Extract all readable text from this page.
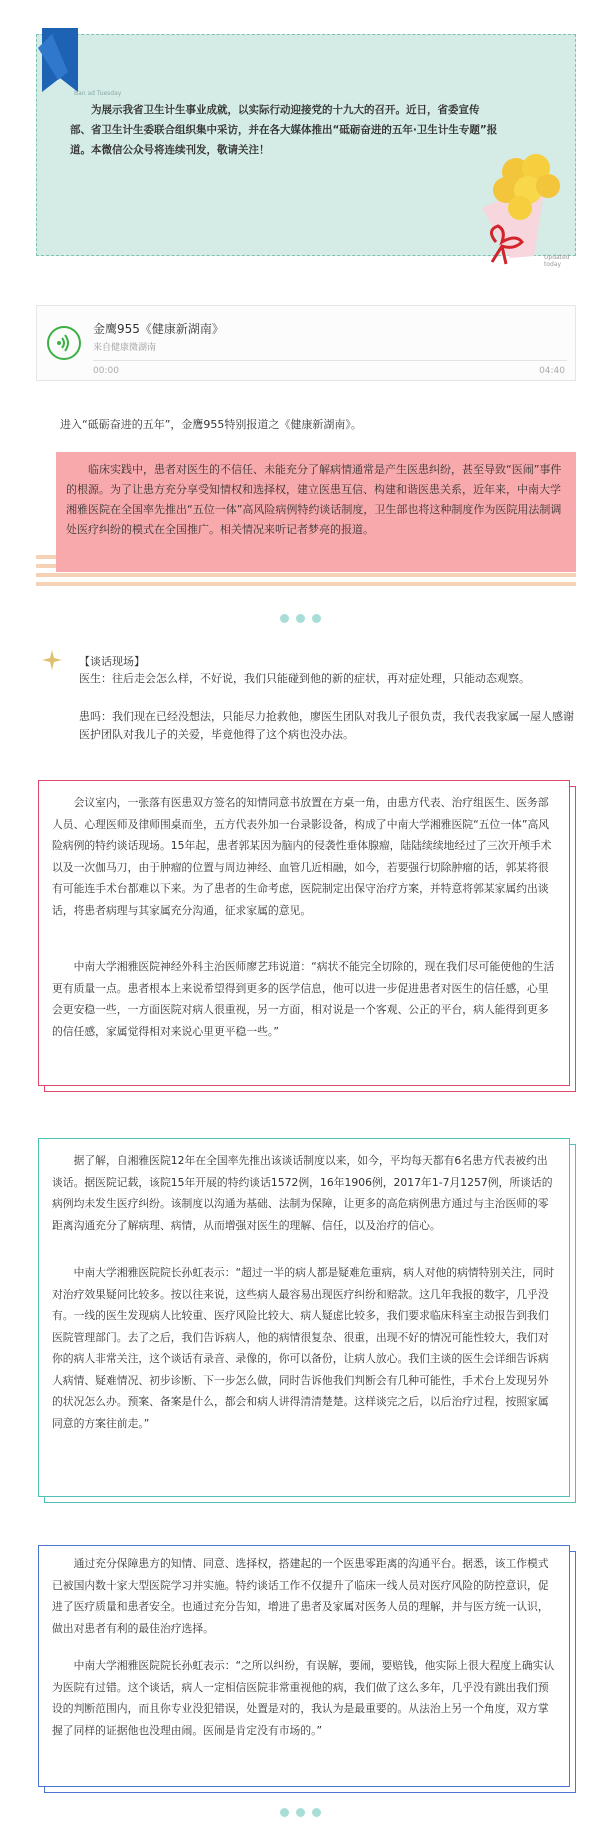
Ban ad Tuesday

为展示我省卫生计生事业成就，以实际行动迎接党的十九大的召开。近日，省委宣传部、省卫生计生委联合组织集中采访，并在各大媒体推出“砥砺奋进的五年·卫生计生专题”报道。本微信公众号将连续刊发，敬请关注！

Updated today
金鹰955《健康新湖南》
来自健康微湖南
00:00	04:40

进入“砥砺奋进的五年”，金鹰955特别报道之《健康新湖南》。

临床实践中，患者对医生的不信任、未能充分了解病情通常是产生医患纠纷，甚至导致“医闹”事件的根源。为了让患方充分享受知情权和选择权，建立医患互信、构建和谐医患关系，近年来，中南大学湘雅医院在全国率先推出“五位一体”高风险病例特约谈话制度，卫生部也将这种制度作为医院用法制调处医疗纠纷的模式在全国推广。相关情况来听记者梦亮的报道。

【谈话现场】

医生：往后走会怎么样，不好说，我们只能碰到他的新的症状，再对症处理，只能动态观察。

患吗：我们现在已经没想法，只能尽力抢救他，廖医生团队对我儿子很负责，我代表我家属一屋人感谢医护团队对我儿子的关爱，毕竟他得了这个病也没办法。

会议室内，一张落有医患双方签名的知情同意书放置在方桌一角，由患方代表、治疗组医生、医务部人员、心理医师及律师围桌而坐，五方代表外加一台录影设备，构成了中南大学湘雅医院“五位一体”高风险病例的特约谈话现场。15年起，患者郭某因为脑内的侵袭性垂体腺瘤，陆陆续续地经过了三次开颅手术以及一次伽马刀，由于肿瘤的位置与周边神经、血管几近相融，如今，若要强行切除肿瘤的话，郭某将很有可能连手术台都难以下来。为了患者的生命考虑，医院制定出保守治疗方案，并特意将郭某家属约出谈话，将患者病理与其家属充分沟通，征求家属的意见。

中南大学湘雅医院神经外科主治医师廖艺玮说道：“病状不能完全切除的，现在我们尽可能使他的生活更有质量一点。患者根本上来说希望得到更多的医学信息，他可以进一步促进患者对医生的信任感，心里会更安稳一些，一方面医院对病人很重视，另一方面，相对说是一个客观、公正的平台，病人能得到更多的信任感，家属觉得相对来说心里更平稳一些。”

据了解，自湘雅医院12年在全国率先推出该谈话制度以来，如今，平均每天都有6名患方代表被约出谈话。据医院记载，该院15年开展的特约谈话1572例，16年1906例，2017年1-7月1257例，所谈话的病例均未发生医疗纠纷。该制度以沟通为基础、法制为保障，让更多的高危病例患方通过与主治医师的零距离沟通充分了解病理、病情，从而增强对医生的理解、信任，以及治疗的信心。

中南大学湘雅医院院长孙虹表示：“超过一半的病人都是疑难危重病，病人对他的病情特别关注，同时对治疗效果疑问比较多。按以往来说，这些病人最容易出现医疗纠纷和赔款。这几年我报的数字，几乎没有。一线的医生发现病人比较重、医疗风险比较大、病人疑虑比较多，我们要求临床科室主动报告到我们医院管理部门。去了之后，我们告诉病人，他的病情很复杂、很重，出现不好的情况可能性较大，我们对你的病人非常关注，这个谈话有录音、录像的，你可以备份，让病人放心。我们主谈的医生会详细告诉病人病情、疑难情况、初步诊断、下一步怎么做，同时告诉他我们判断会有几种可能性，手术台上发现另外的状况怎么办。预案、备案是什么，都会和病人讲得清清楚楚。这样谈完之后，以后治疗过程，按照家属同意的方案往前走。”

通过充分保障患方的知情、同意、选择权，搭建起的一个医患零距离的沟通平台。据悉，该工作模式已被国内数十家大型医院学习并实施。特约谈话工作不仅提升了临床一线人员对医疗风险的防控意识，促进了医疗质量和患者安全。也通过充分告知，增进了患者及家属对医务人员的理解，并与医方统一认识，做出对患者有利的最佳治疗选择。

中南大学湘雅医院院长孙虹表示：“之所以纠纷，有误解，要闹，要赔钱，他实际上很大程度上确实认为医院有过错。这个谈话，病人一定相信医院非常重视他的病，我们做了这么多年，几乎没有跳出我们预设的判断范围内，而且你专业没犯错误，处置是对的，我认为是最重要的。从法治上另一个角度，双方掌握了同样的证据他也没理由闹。医闹是肯定没有市场的。”
